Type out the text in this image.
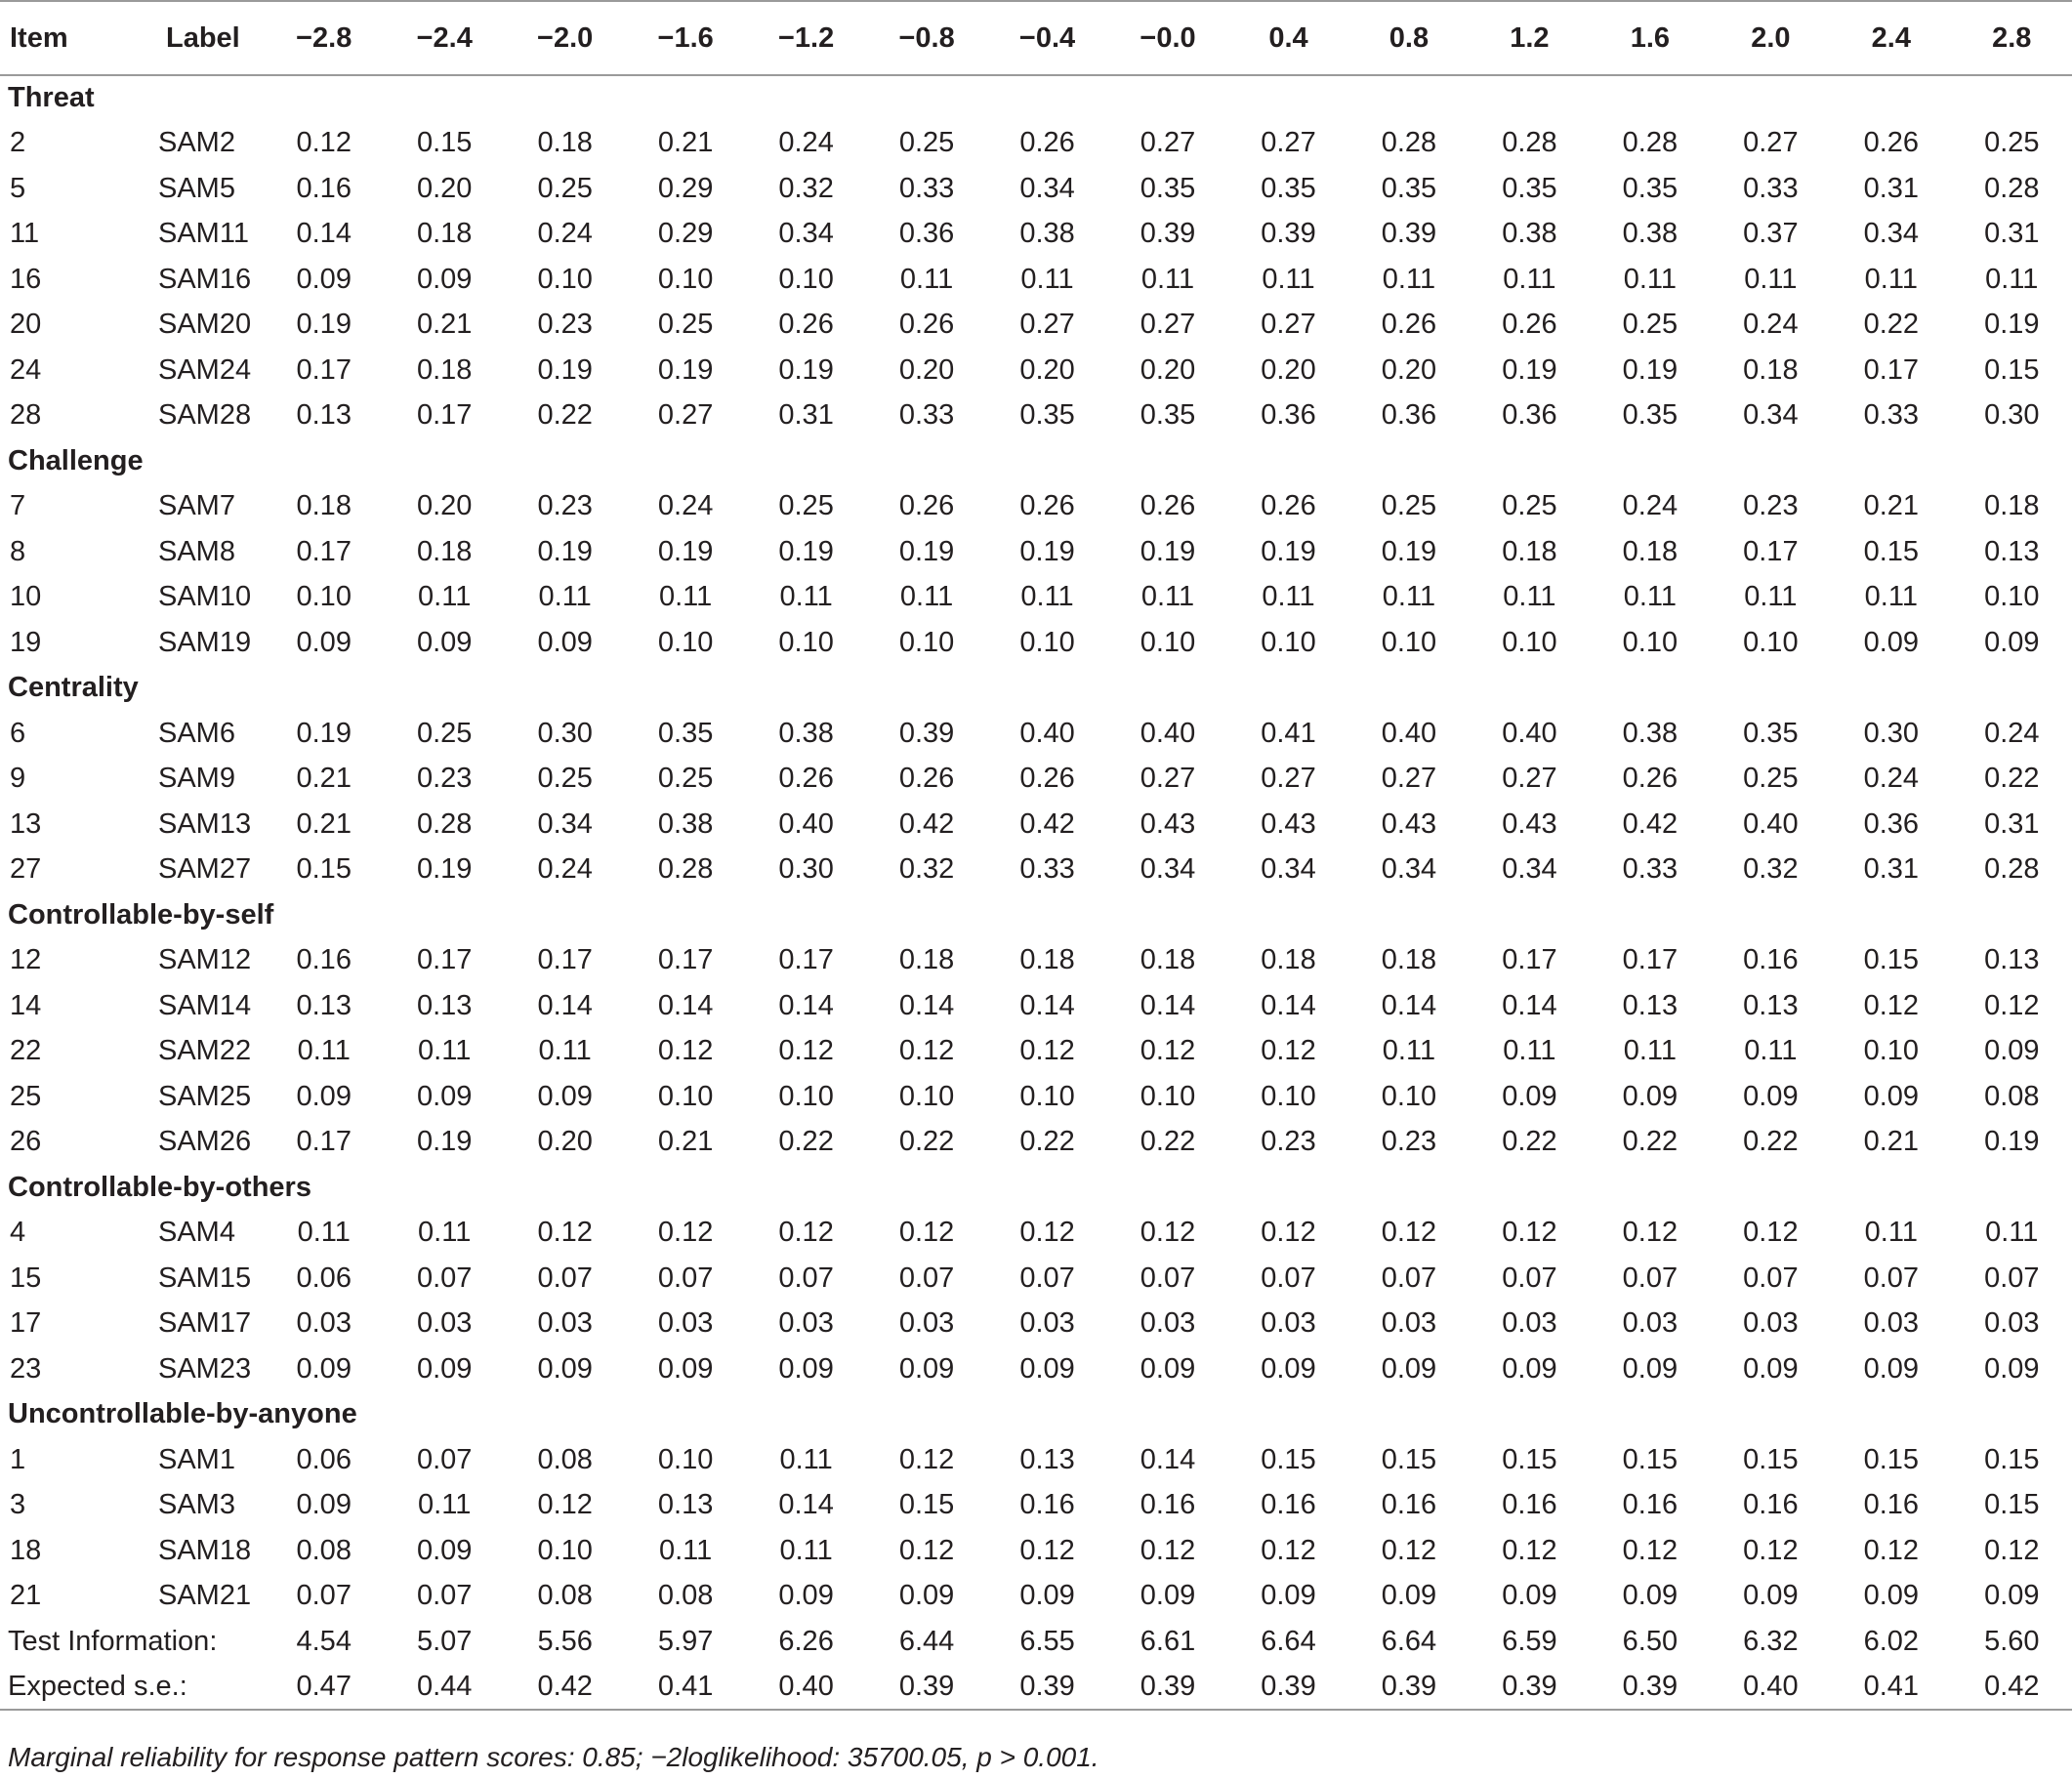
Item	Label	−2.8	−2.4	−2.0	−1.6	−1.2	−0.8	−0.4	−0.0	0.4	0.8	1.2	1.6	2.0	2.4	2.8
Threat																
2	SAM2	0.12	0.15	0.18	0.21	0.24	0.25	0.26	0.27	0.27	0.28	0.28	0.28	0.27	0.26	0.25
5	SAM5	0.16	0.20	0.25	0.29	0.32	0.33	0.34	0.35	0.35	0.35	0.35	0.35	0.33	0.31	0.28
11	SAM11	0.14	0.18	0.24	0.29	0.34	0.36	0.38	0.39	0.39	0.39	0.38	0.38	0.37	0.34	0.31
16	SAM16	0.09	0.09	0.10	0.10	0.10	0.11	0.11	0.11	0.11	0.11	0.11	0.11	0.11	0.11	0.11
20	SAM20	0.19	0.21	0.23	0.25	0.26	0.26	0.27	0.27	0.27	0.26	0.26	0.25	0.24	0.22	0.19
24	SAM24	0.17	0.18	0.19	0.19	0.19	0.20	0.20	0.20	0.20	0.20	0.19	0.19	0.18	0.17	0.15
28	SAM28	0.13	0.17	0.22	0.27	0.31	0.33	0.35	0.35	0.36	0.36	0.36	0.35	0.34	0.33	0.30
Challenge																
7	SAM7	0.18	0.20	0.23	0.24	0.25	0.26	0.26	0.26	0.26	0.25	0.25	0.24	0.23	0.21	0.18
8	SAM8	0.17	0.18	0.19	0.19	0.19	0.19	0.19	0.19	0.19	0.19	0.18	0.18	0.17	0.15	0.13
10	SAM10	0.10	0.11	0.11	0.11	0.11	0.11	0.11	0.11	0.11	0.11	0.11	0.11	0.11	0.11	0.10
19	SAM19	0.09	0.09	0.09	0.10	0.10	0.10	0.10	0.10	0.10	0.10	0.10	0.10	0.10	0.09	0.09
Centrality																
6	SAM6	0.19	0.25	0.30	0.35	0.38	0.39	0.40	0.40	0.41	0.40	0.40	0.38	0.35	0.30	0.24
9	SAM9	0.21	0.23	0.25	0.25	0.26	0.26	0.26	0.27	0.27	0.27	0.27	0.26	0.25	0.24	0.22
13	SAM13	0.21	0.28	0.34	0.38	0.40	0.42	0.42	0.43	0.43	0.43	0.43	0.42	0.40	0.36	0.31
27	SAM27	0.15	0.19	0.24	0.28	0.30	0.32	0.33	0.34	0.34	0.34	0.34	0.33	0.32	0.31	0.28
Controllable-by-self																
12	SAM12	0.16	0.17	0.17	0.17	0.17	0.18	0.18	0.18	0.18	0.18	0.17	0.17	0.16	0.15	0.13
14	SAM14	0.13	0.13	0.14	0.14	0.14	0.14	0.14	0.14	0.14	0.14	0.14	0.13	0.13	0.12	0.12
22	SAM22	0.11	0.11	0.11	0.12	0.12	0.12	0.12	0.12	0.12	0.11	0.11	0.11	0.11	0.10	0.09
25	SAM25	0.09	0.09	0.09	0.10	0.10	0.10	0.10	0.10	0.10	0.10	0.09	0.09	0.09	0.09	0.08
26	SAM26	0.17	0.19	0.20	0.21	0.22	0.22	0.22	0.22	0.23	0.23	0.22	0.22	0.22	0.21	0.19
Controllable-by-others																
4	SAM4	0.11	0.11	0.12	0.12	0.12	0.12	0.12	0.12	0.12	0.12	0.12	0.12	0.12	0.11	0.11
15	SAM15	0.06	0.07	0.07	0.07	0.07	0.07	0.07	0.07	0.07	0.07	0.07	0.07	0.07	0.07	0.07
17	SAM17	0.03	0.03	0.03	0.03	0.03	0.03	0.03	0.03	0.03	0.03	0.03	0.03	0.03	0.03	0.03
23	SAM23	0.09	0.09	0.09	0.09	0.09	0.09	0.09	0.09	0.09	0.09	0.09	0.09	0.09	0.09	0.09
Uncontrollable-by-anyone																
1	SAM1	0.06	0.07	0.08	0.10	0.11	0.12	0.13	0.14	0.15	0.15	0.15	0.15	0.15	0.15	0.15
3	SAM3	0.09	0.11	0.12	0.13	0.14	0.15	0.16	0.16	0.16	0.16	0.16	0.16	0.16	0.16	0.15
18	SAM18	0.08	0.09	0.10	0.11	0.11	0.12	0.12	0.12	0.12	0.12	0.12	0.12	0.12	0.12	0.12
21	SAM21	0.07	0.07	0.08	0.08	0.09	0.09	0.09	0.09	0.09	0.09	0.09	0.09	0.09	0.09	0.09
Test Information:		4.54	5.07	5.56	5.97	6.26	6.44	6.55	6.61	6.64	6.64	6.59	6.50	6.32	6.02	5.60
Expected s.e.:		0.47	0.44	0.42	0.41	0.40	0.39	0.39	0.39	0.39	0.39	0.39	0.39	0.40	0.41	0.42
Marginal reliability for response pattern scores: 0.85; −2loglikelihood: 35700.05, p > 0.001.
